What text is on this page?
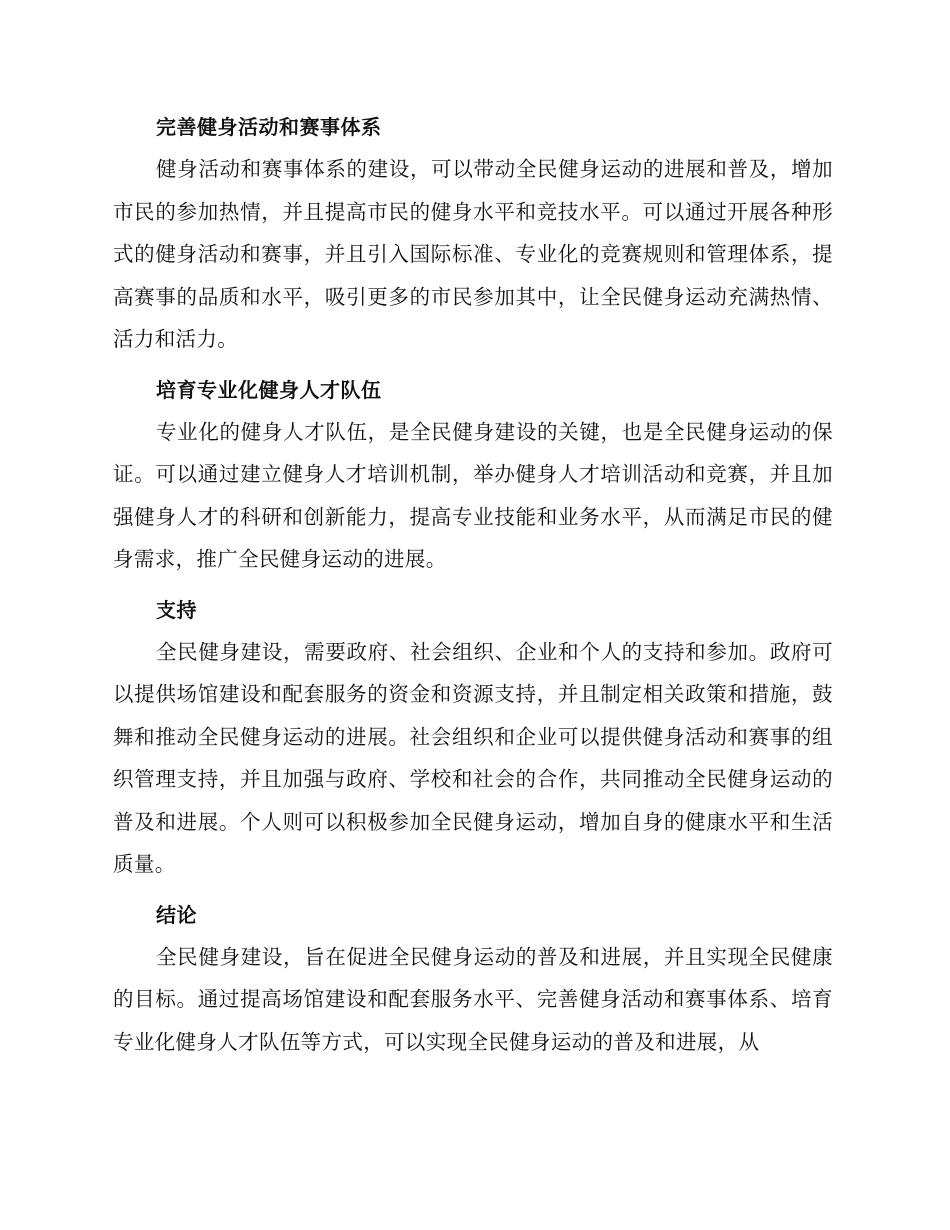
完善健身活动和赛事体系

健身活动和赛事体系的建设，可以带动全民健身运动的进展和普及，增加市民的参加热情，并且提高市民的健身水平和竞技水平。可以通过开展各种形式的健身活动和赛事，并且引入国际标准、专业化的竞赛规则和管理体系，提高赛事的品质和水平，吸引更多的市民参加其中，让全民健身运动充满热情、活力和活力。

培育专业化健身人才队伍

专业化的健身人才队伍，是全民健身建设的关键，也是全民健身运动的保证。可以通过建立健身人才培训机制，举办健身人才培训活动和竞赛，并且加强健身人才的科研和创新能力，提高专业技能和业务水平，从而满足市民的健身需求，推广全民健身运动的进展。

支持

全民健身建设，需要政府、社会组织、企业和个人的支持和参加。政府可以提供场馆建设和配套服务的资金和资源支持，并且制定相关政策和措施，鼓舞和推动全民健身运动的进展。社会组织和企业可以提供健身活动和赛事的组织管理支持，并且加强与政府、学校和社会的合作，共同推动全民健身运动的普及和进展。个人则可以积极参加全民健身运动，增加自身的健康水平和生活质量。

结论

全民健身建设，旨在促进全民健身运动的普及和进展，并且实现全民健康的目标。通过提高场馆建设和配套服务水平、完善健身活动和赛事体系、培育专业化健身人才队伍等方式，可以实现全民健身运动的普及和进展，从
